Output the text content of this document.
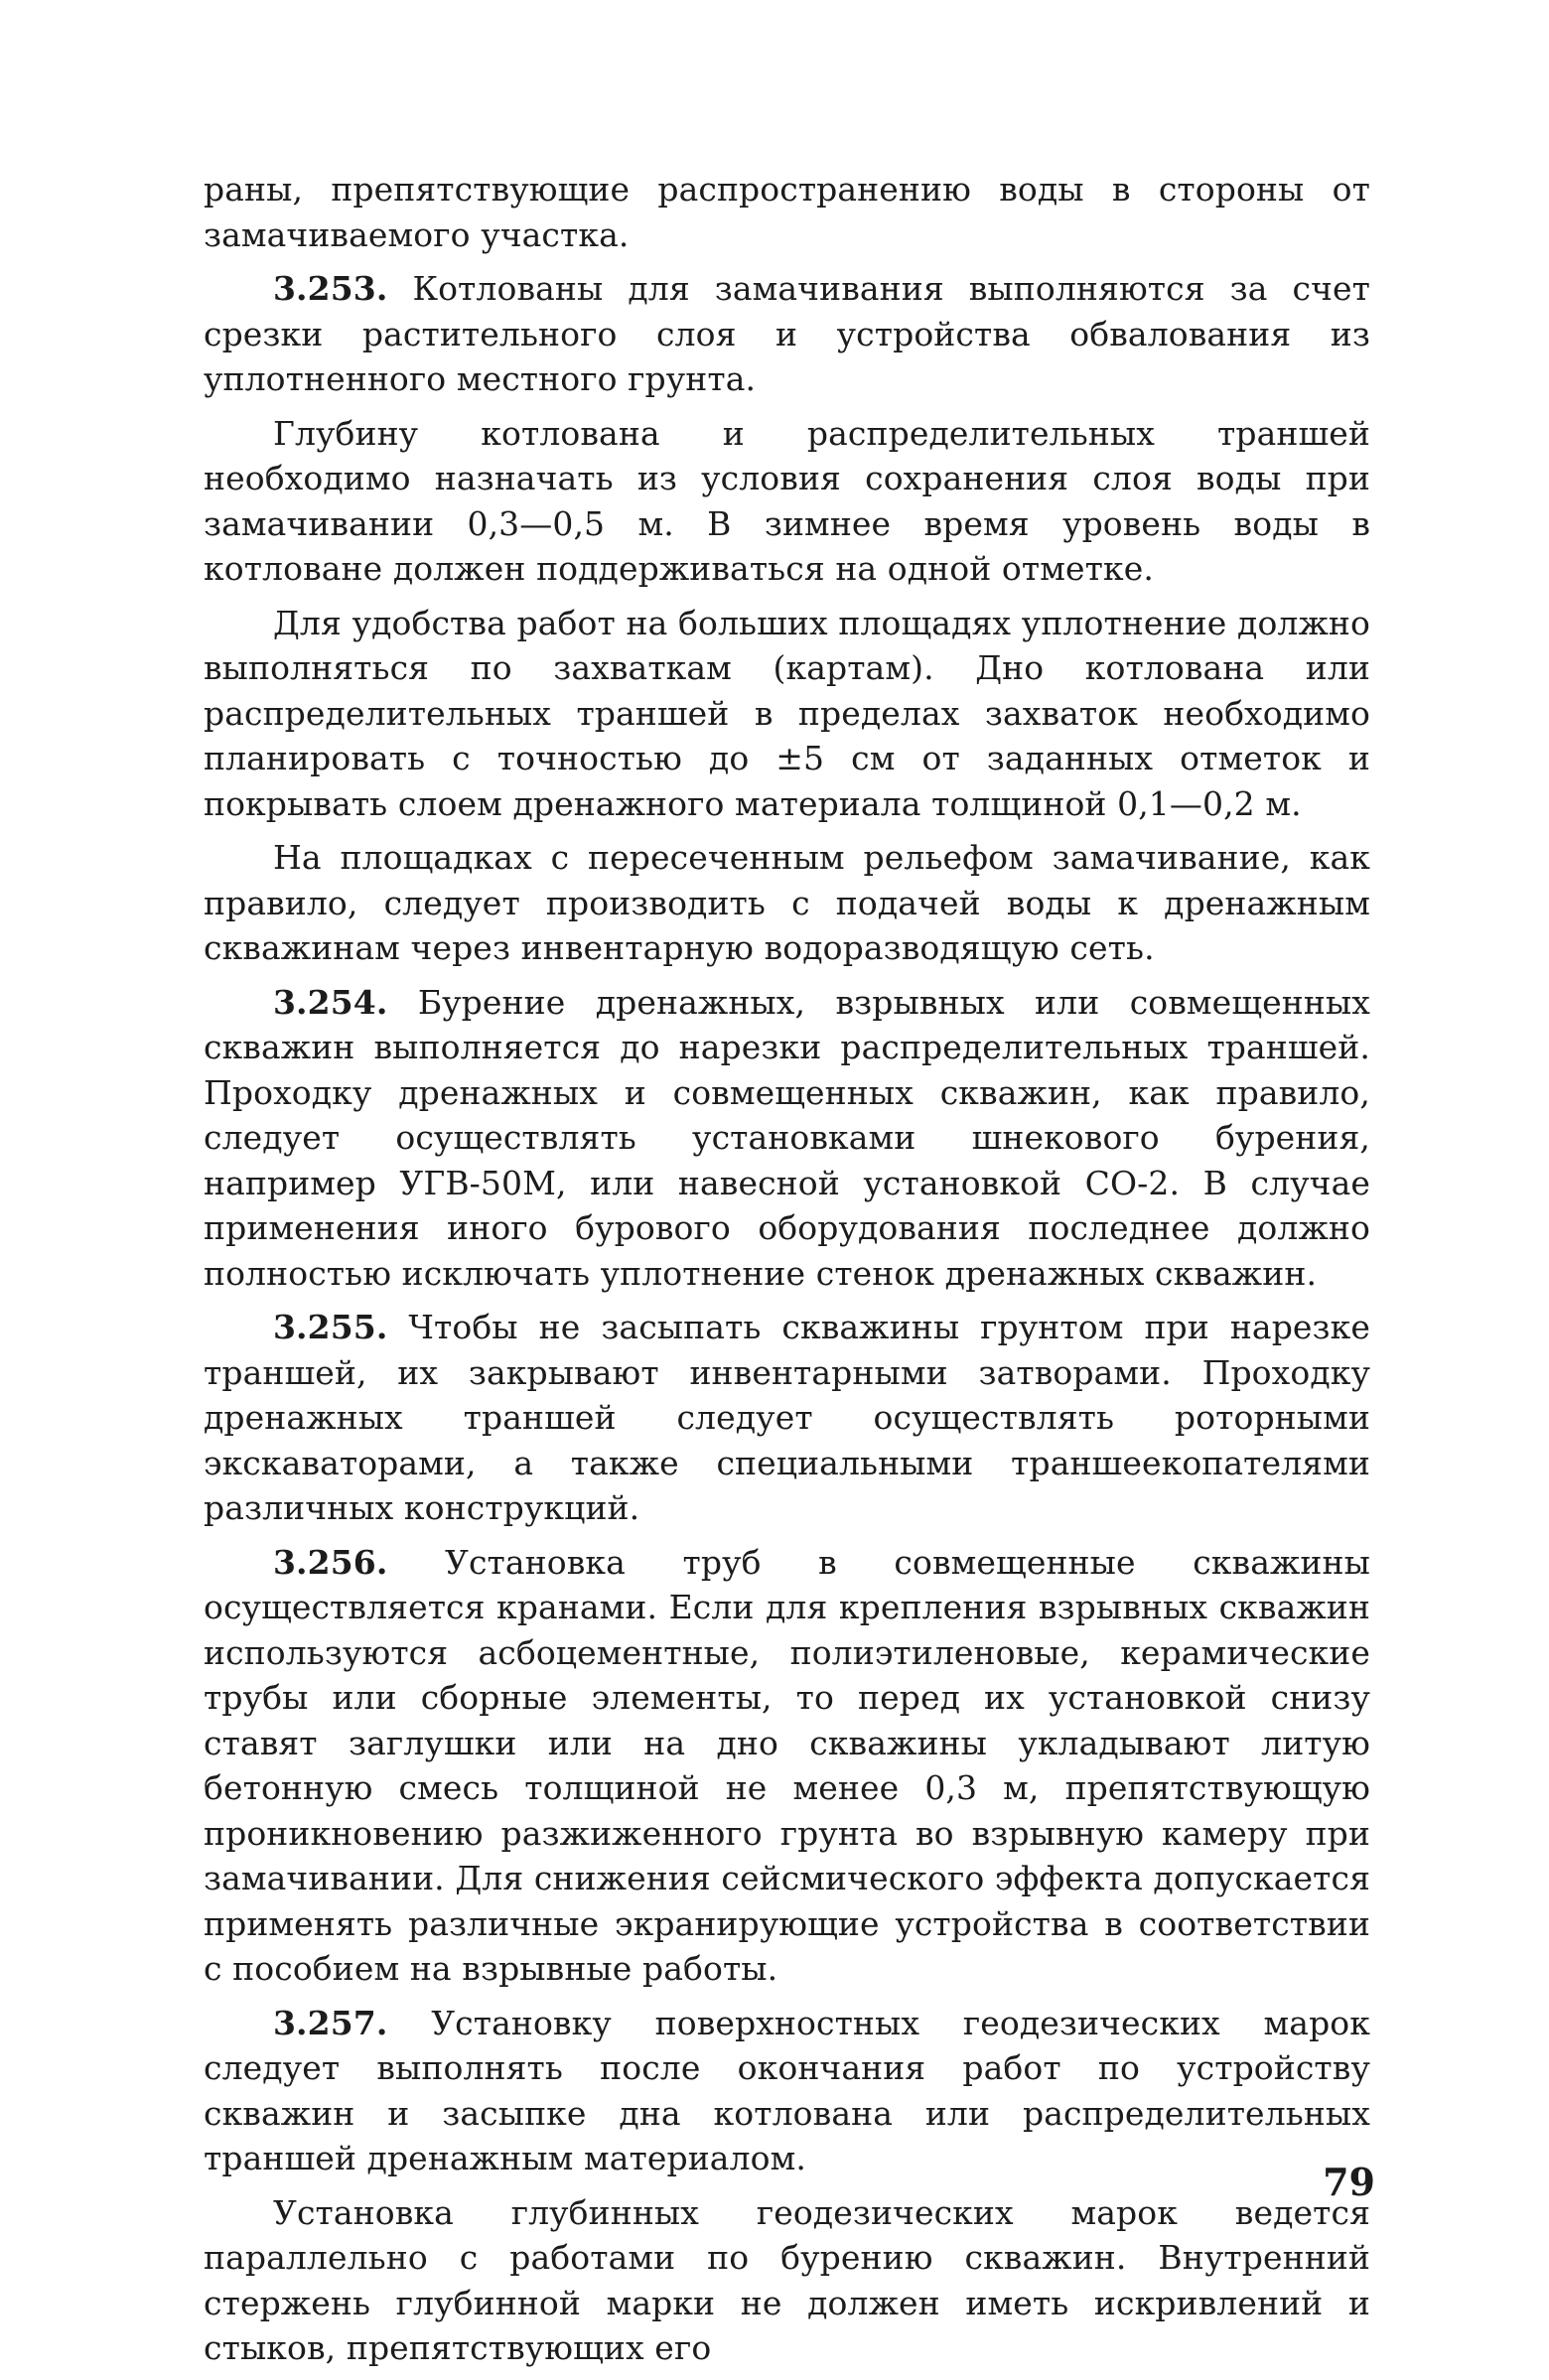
раны, препятствующие распространению воды в стороны от замачиваемого участка.

3.253. Котлованы для замачивания выполняются за счет срезки растительного слоя и устройства обвалования из уплотненного местного грунта.

Глубину котлована и распределительных траншей необходимо назначать из условия сохранения слоя воды при замачивании 0,3—0,5 м. В зимнее время уровень воды в котловане должен поддерживаться на одной отметке.

Для удобства работ на больших площадях уплотнение должно выполняться по захваткам (картам). Дно котлована или распределительных траншей в пределах захваток необходимо планировать с точностью до ±5 см от заданных отметок и покрывать слоем дренажного материала толщиной 0,1—0,2 м.

На площадках с пересеченным рельефом замачивание, как правило, следует производить с подачей воды к дренажным скважинам через инвентарную водоразводящую сеть.

3.254. Бурение дренажных, взрывных или совмещенных скважин выполняется до нарезки распределительных траншей. Проходку дренажных и совмещенных скважин, как правило, следует осуществлять установками шнекового бурения, например УГВ-50М, или навесной установкой СО-2. В случае применения иного бурового оборудования последнее должно полностью исключать уплотнение стенок дренажных скважин.

3.255. Чтобы не засыпать скважины грунтом при нарезке траншей, их закрывают инвентарными затворами. Проходку дренажных траншей следует осуществлять роторными экскаваторами, а также специальными траншеекопателями различных конструкций.

3.256. Установка труб в совмещенные скважины осуществляется кранами. Если для крепления взрывных скважин используются асбоцементные, полиэтиленовые, керамические трубы или сборные элементы, то перед их установкой снизу ставят заглушки или на дно скважины укладывают литую бетонную смесь толщиной не менее 0,3 м, препятствующую проникновению разжиженного грунта во взрывную камеру при замачивании. Для снижения сейсмического эффекта допускается применять различные экранирующие устройства в соответствии с пособием на взрывные работы.

3.257. Установку поверхностных геодезических марок следует выполнять после окончания работ по устройству скважин и засыпке дна котлована или распределительных траншей дренажным материалом.

Установка глубинных геодезических марок ведется параллельно с работами по бурению скважин. Внутренний стержень глубинной марки не должен иметь искривлений и стыков, препятствующих его

79
